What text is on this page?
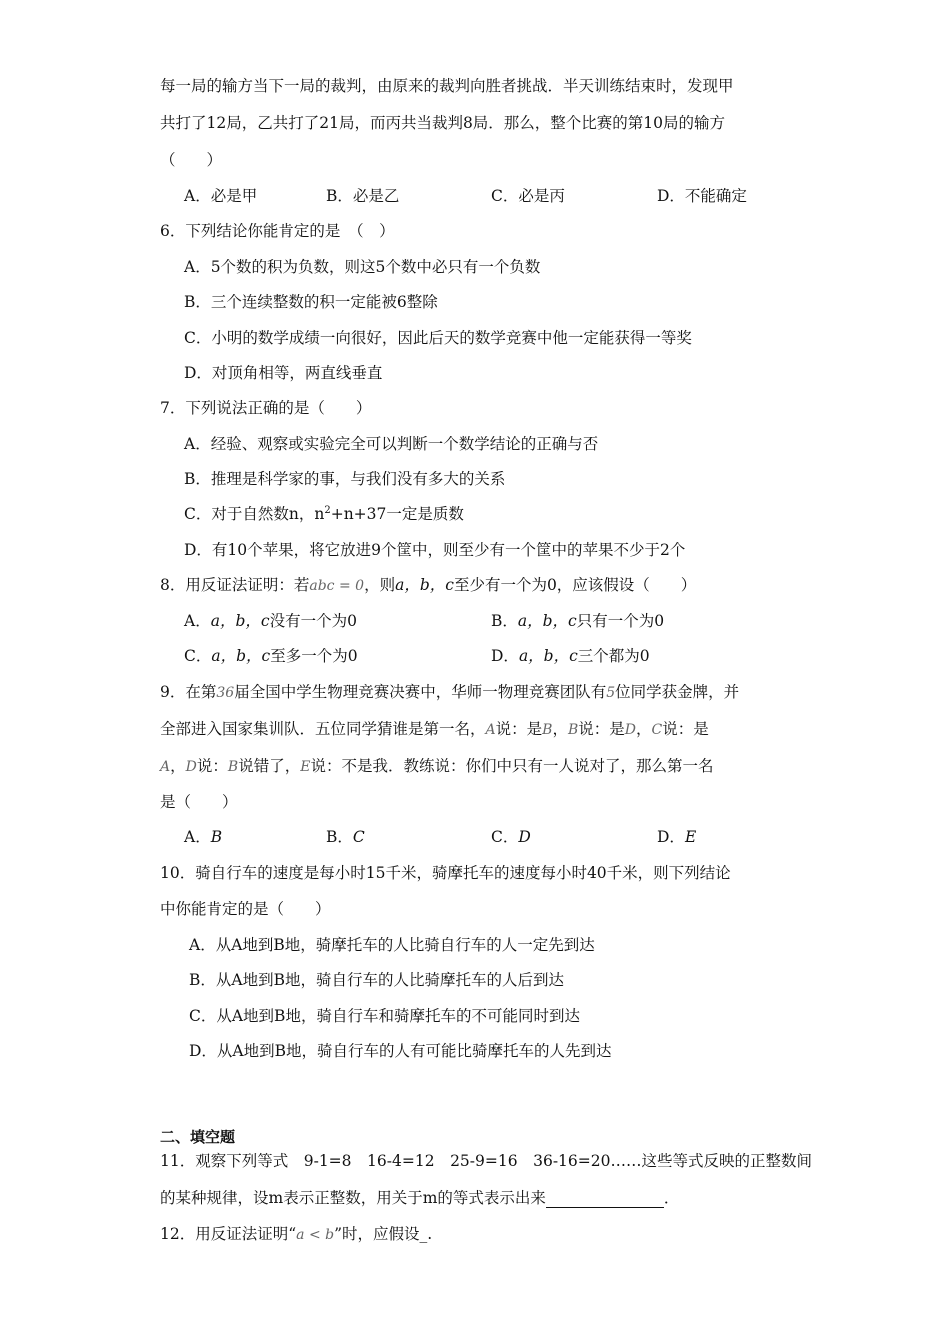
每一局的输方当下一局的裁判，由原来的裁判向胜者挑战．半天训练结束时，发现甲
共打了12局，乙共打了21局，而丙共当裁判8局．那么，整个比赛的第10局的输方
（　　）
A．必是甲	B．必是乙	C．必是丙	D．不能确定
6．下列结论你能肯定的是　（　）
A．5个数的积为负数，则这5个数中必只有一个负数
B．三个连续整数的积一定能被6整除
C．小明的数学成绩一向很好，因此后天的数学竞赛中他一定能获得一等奖
D．对顶角相等，两直线垂直
7．下列说法正确的是（　　）
A．经验、观察或实验完全可以判断一个数学结论的正确与否
B．推理是科学家的事，与我们没有多大的关系
C．对于自然数n，$n^2+n+37$一定是质数
D．有10个苹果，将它放进9个筐中，则至少有一个筐中的苹果不少于2个
8．用反证法证明：若abc = 0，则a，b，c至少有一个为0，应该假设（　　）
A．a，b，c没有一个为0	B．a，b，c只有一个为0
C．a，b，c至多一个为0	D．a，b，c三个都为0
9．在第36届全国中学生物理竞赛决赛中，华师一物理竞赛团队有5位同学获金牌，并
全部进入国家集训队．五位同学猜谁是第一名，A说：是B，B说：是D，C说：是
A，D说：B说错了，E说：不是我．教练说：你们中只有一人说对了，那么第一名
是（　　）
A．B	B．C	C．D	D．E
10．骑自行车的速度是每小时15千米，骑摩托车的速度每小时40千米，则下列结论
中你能肯定的是（　　）
A．从A地到B地，骑摩托车的人比骑自行车的人一定先到达
B．从A地到B地，骑自行车的人比骑摩托车的人后到达
C．从A地到B地，骑自行车和骑摩托车的不可能同时到达
D．从A地到B地，骑自行车的人有可能比骑摩托车的人先到达
二、填空题
11．观察下列等式　9-1=8　16-4=12　25-9=16　36-16=20……这些等式反映的正整数间
的某种规律，设m表示正整数，用关于m的等式表示出来	．
12．用反证法证明“a < b”时，应假设_.
